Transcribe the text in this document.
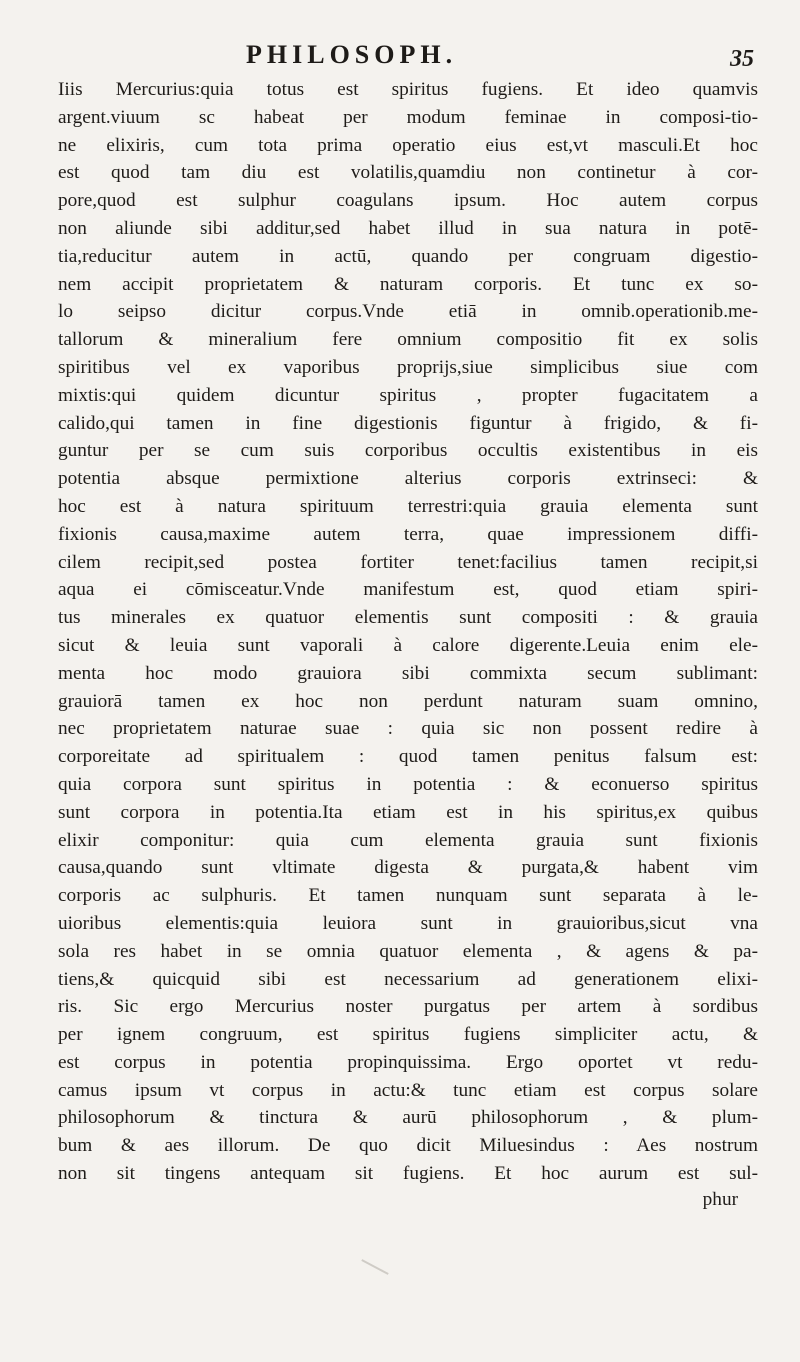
PHILOSOPH.	35
Iiis Mercurius:quia totus est spiritus fugiens. Et ideo quamvis
argent.viuum sc habeat per modum feminae in composi-tio-
ne elixiris, cum tota prima operatio eius est,vt masculi.Et hoc
est quod tam diu est volatilis,quamdiu non continetur à cor-
pore,quod est sulphur coagulans ipsum. Hoc autem corpus
non aliunde sibi additur,sed habet illud in sua natura in potē-
tia,reducitur autem in actū, quando per congruam digestio-
nem accipit proprietatem & naturam corporis. Et tunc ex so-
lo seipso dicitur corpus.Vnde etiā in omnib.operationib.me-
tallorum & mineralium fere omnium compositio fit ex solis
spiritibus vel ex vaporibus proprijs,siue simplicibus siue com
mixtis:qui quidem dicuntur spiritus , propter fugacitatem a
calido,qui tamen in fine digestionis figuntur à frigido, & fi-
guntur per se cum suis corporibus occultis existentibus in eis
potentia absque permixtione alterius corporis extrinseci: &
hoc est à natura spirituum terrestri:quia grauia elementa sunt
fixionis causa,maxime autem terra, quae impressionem diffi-
cilem recipit,sed postea fortiter tenet:facilius tamen recipit,si
aqua ei cōmisceatur.Vnde manifestum est, quod etiam spiri-
tus minerales ex quatuor elementis sunt compositi : & grauia
sicut & leuia sunt vaporali à calore digerente.Leuia enim ele-
menta hoc modo grauiora sibi commixta secum sublimant:
grauiorā tamen ex hoc non perdunt naturam suam omnino,
nec proprietatem naturae suae : quia sic non possent redire à
corporeitate ad spiritualem : quod tamen penitus falsum est:
quia corpora sunt spiritus in potentia : & econuerso spiritus
sunt corpora in potentia.Ita etiam est in his spiritus,ex quibus
elixir componitur: quia cum elementa grauia sunt fixionis
causa,quando sunt vltimate digesta & purgata,& habent vim
corporis ac sulphuris. Et tamen nunquam sunt separata à le-
uioribus elementis:quia leuiora sunt in grauioribus,sicut vna
sola res habet in se omnia quatuor elementa , & agens & pa-
tiens,& quicquid sibi est necessarium ad generationem elixi-
ris. Sic ergo Mercurius noster purgatus per artem à sordibus
per ignem congruum, est spiritus fugiens simpliciter actu, &
est corpus in potentia propinquissima. Ergo oportet vt redu-
camus ipsum vt corpus in actu:& tunc etiam est corpus solare
philosophorum & tinctura & aurū philosophorum , & plum-
bum & aes illorum. De quo dicit Miluesindus : Aes nostrum
non sit tingens antequam sit fugiens. Et hoc aurum est sul-
phur
